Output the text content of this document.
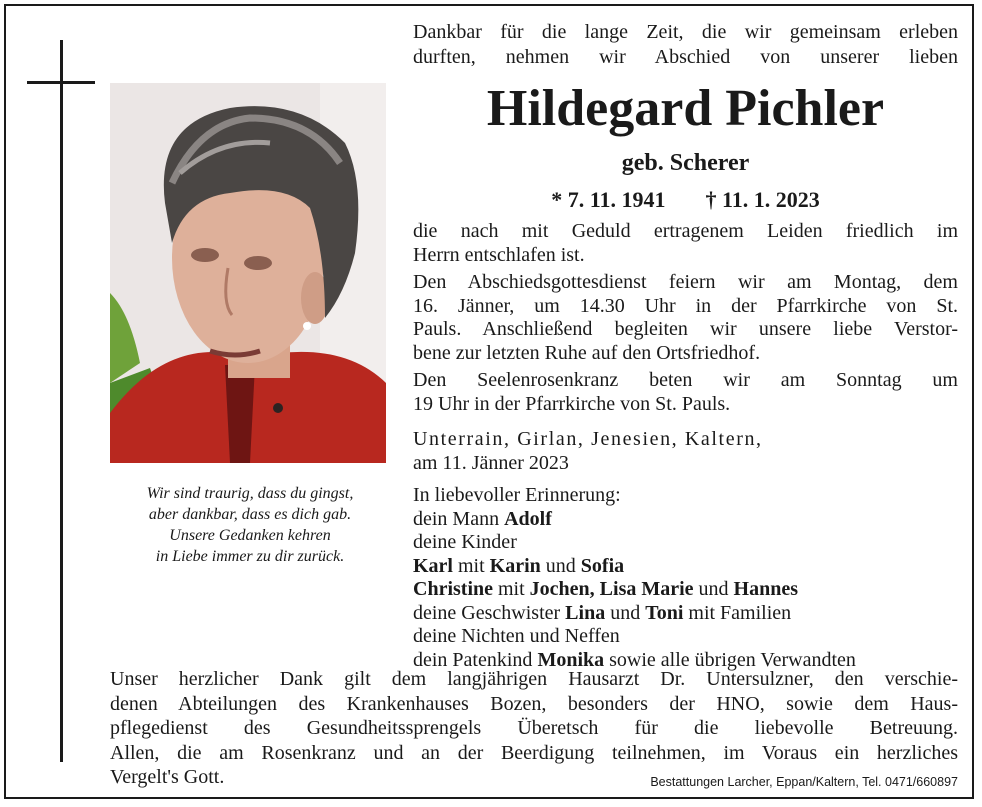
Wir sind traurig, dass du gingst,
aber dankbar, dass es dich gab.
Unsere Gedanken kehren
in Liebe immer zu dir zurück.
Dankbar für die lange Zeit, die wir gemeinsam erleben
durften, nehmen wir Abschied von unserer lieben
Hildegard Pichler
geb. Scherer
* 7. 11. 1941 † 11. 1. 2023
die nach mit Geduld ertragenem Leiden friedlich im
Herrn entschlafen ist.
Den Abschiedsgottesdienst feiern wir am Montag, dem
16. Jänner, um 14.30 Uhr in der Pfarrkirche von St.
Pauls. Anschließend begleiten wir unsere liebe Verstor-
bene zur letzten Ruhe auf den Ortsfriedhof.
Den Seelenrosenkranz beten wir am Sonntag um
19 Uhr in der Pfarrkirche von St. Pauls.
Unterrain, Girlan, Jenesien, Kaltern,
am 11. Jänner 2023
In liebevoller Erinnerung:
dein Mann Adolf
deine Kinder
Karl mit Karin und Sofia
Christine mit Jochen, Lisa Marie und Hannes
deine Geschwister Lina und Toni mit Familien
deine Nichten und Neffen
dein Patenkind Monika sowie alle übrigen Verwandten
Unser herzlicher Dank gilt dem langjährigen Hausarzt Dr. Untersulzner, den verschie-
denen Abteilungen des Krankenhauses Bozen, besonders der HNO, sowie dem Haus-
pflegedienst des Gesundheitssprengels Überetsch für die liebevolle Betreuung.
Allen, die am Rosenkranz und an der Beerdigung teilnehmen, im Voraus ein herzliches
Vergelt's Gott.	Bestattungen Larcher, Eppan/Kaltern, Tel. 0471/660897
